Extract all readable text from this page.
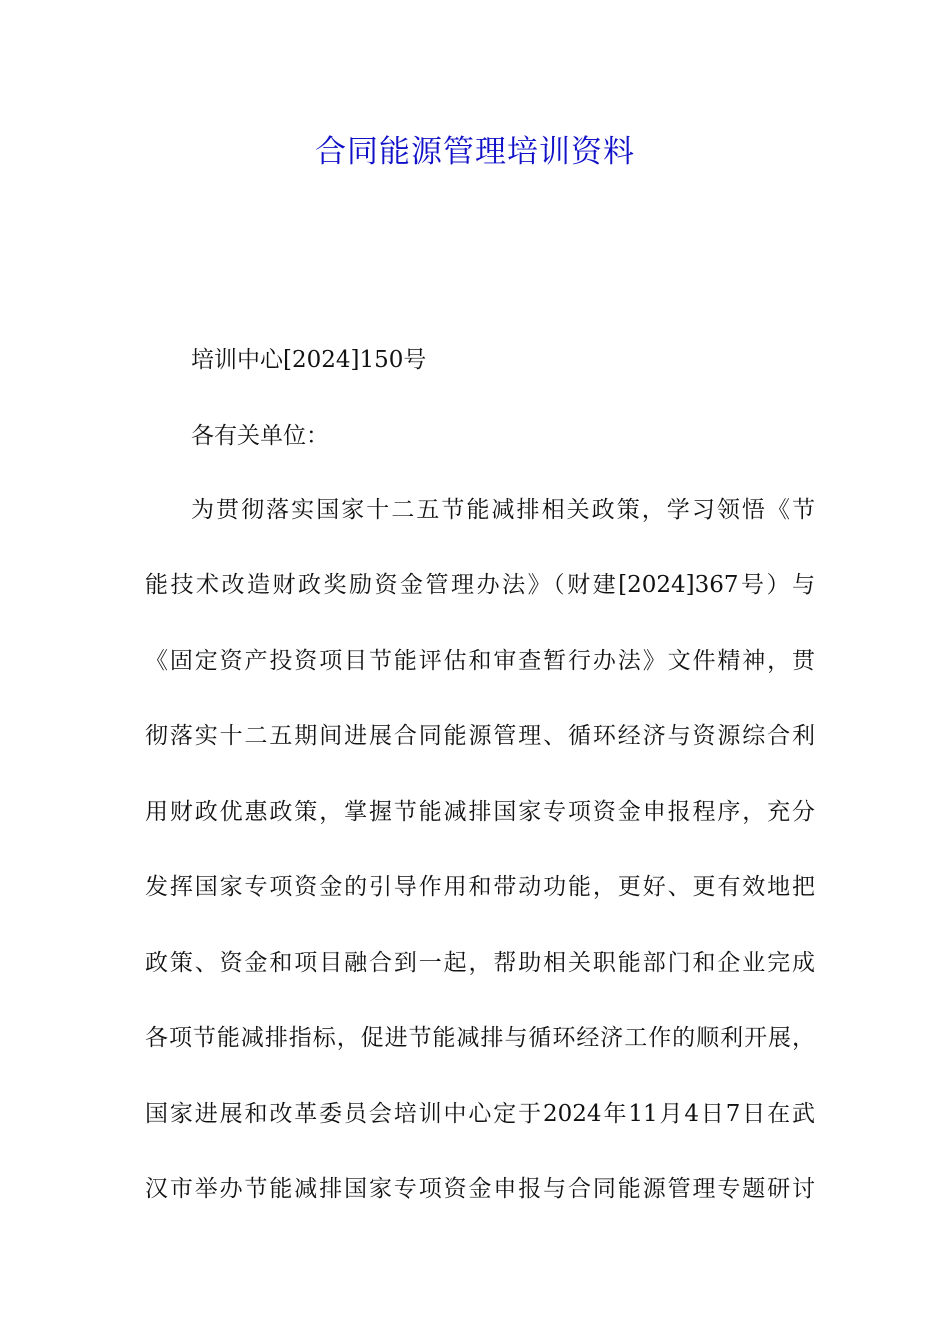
合同能源管理培训资料

培训中心[2024]150号

各有关单位：

为贯彻落实国家十二五节能减排相关政策，学习领悟《节

能技术改造财政奖励资金管理办法》（财建[2024]367号）与

《固定资产投资项目节能评估和审查暂行办法》文件精神，贯

彻落实十二五期间进展合同能源管理、循环经济与资源综合利

用财政优惠政策，掌握节能减排国家专项资金申报程序，充分

发挥国家专项资金的引导作用和带动功能，更好、更有效地把

政策、资金和项目融合到一起，帮助相关职能部门和企业完成

各项节能减排指标，促进节能减排与循环经济工作的顺利开展，

国家进展和改革委员会培训中心定于2024年11月4日7日在武

汉市举办节能减排国家专项资金申报与合同能源管理专题研讨
